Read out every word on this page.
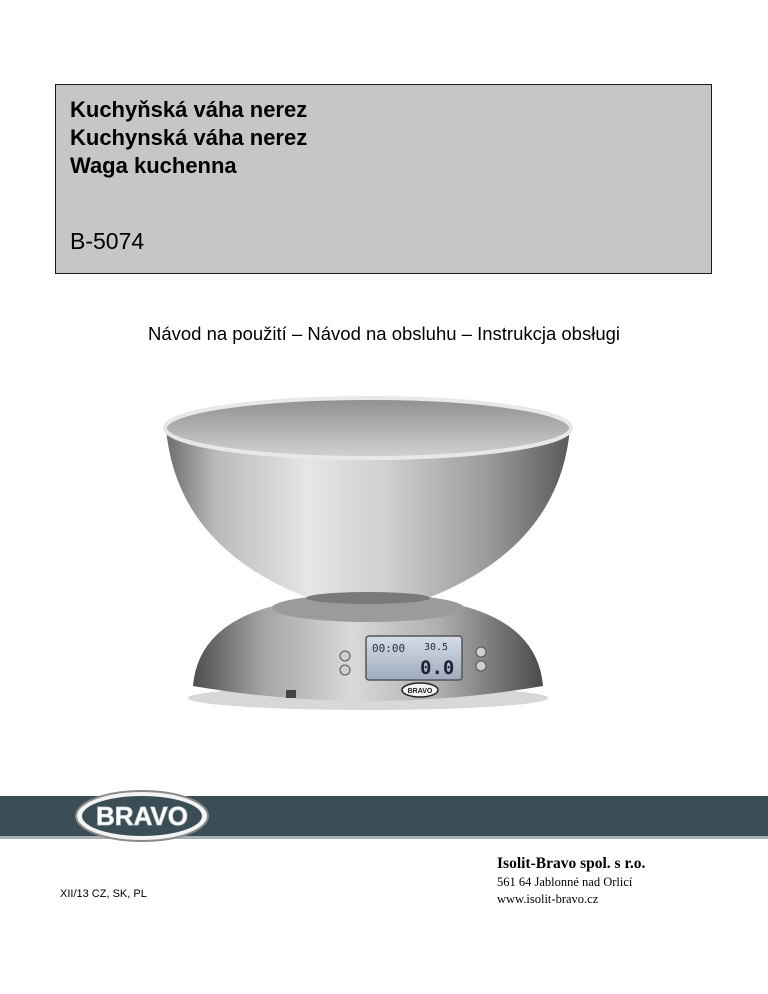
Kuchyňská váha nerez
Kuchynská váha nerez
Waga kuchenna
B-5074
Návod na použití – Návod na obsluhu – Instrukcja obsługi
00:00 30.5
0.0
BRAVO
BRAVO
Isolit-Bravo spol. s r.o.
561 64 Jablonné nad Orlicí
www.isolit-bravo.cz
XII/13 CZ, SK, PL
